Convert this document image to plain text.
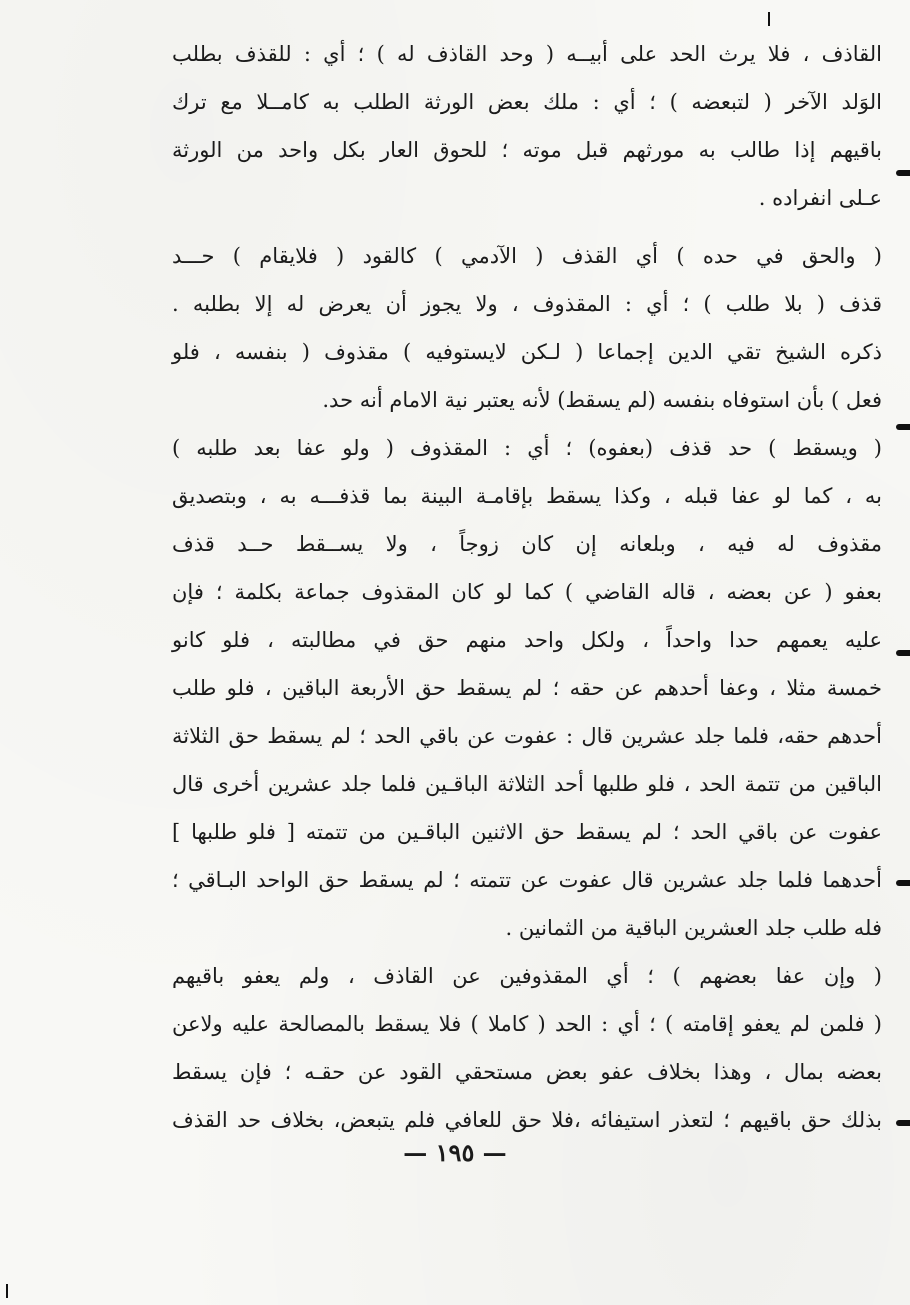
القاذف ، فلا يرث الحد على أبيــه ( وحد القاذف له ) ؛ أي : للقذف بطلب
الوَلد الآخر ( لتبعضه ) ؛ أي : ملك بعض الورثة الطلب به كامــلا مع ترك
باقيهم إذا طالب به مورثهم قبل موته ؛ للحوق العار بكل واحد من الورثة
عـلى انفراده .
( والحق في حده ) أي القذف ( الآدمي ) كالقود ( فلايقام ) حـــد
قذف ( بلا طلب ) ؛ أي : المقذوف ، ولا يجوز أن يعرض له إلا بطلبه .
ذكره الشيخ تقي الدين إجماعا ( لـكن لايستوفيه ) مقذوف ( بنفسه ، فلو
فعل ) بأن استوفاه بنفسه (لم يسقط) لأنه يعتبر نية الامام أنه حد.
( ويسقط ) حد قذف (بعفوه) ؛ أي : المقذوف ( ولو عفا بعد طلبه )
به ، كما لو عفا قبله ، وكذا يسقط بإقامـة البينة بما قذفـــه به ، وبتصديق
مقذوف له فيه ، وبلعانه إن كان زوجاً ، ولا يســقط حــد قذف
بعفو ( عن بعضه ، قاله القاضي ) كما لو كان المقذوف جماعة بكلمة ؛ فإن
عليه يعمهم حدا واحداً ، ولكل واحد منهم حق في مطالبته ، فلو كانو
خمسة مثلا ، وعفا أحدهم عن حقه ؛ لم يسقط حق الأربعة الباقين ، فلو طلب
أحدهم حقه، فلما جلد عشرين قال : عفوت عن باقي الحد ؛ لم يسقط حق الثلاثة
الباقين من تتمة الحد ، فلو طلبها أحد الثلاثة الباقـين فلما جلد عشرين أخرى قال
عفوت عن باقي الحد ؛ لم يسقط حق الاثنين الباقـين من تتمته [ فلو طلبها ]
أحدهما فلما جلد عشرين قال عفوت عن تتمته ؛ لم يسقط حق الواحد البـاقي ؛
فله طلب جلد العشرين الباقية من الثمانين .
( وإن عفا بعضهم ) ؛ أي المقذوفين عن القاذف ، ولم يعفو باقيهم
( فلمن لم يعفو إقامته ) ؛ أي : الحد ( كاملا ) فلا يسقط بالمصالحة عليه ولاعن
بعضه بمال ، وهذا بخلاف عفو بعض مستحقي القود عن حقـه ؛ فإن يسقط
بذلك حق باقيهم ؛ لتعذر استيفائه ،فلا حق للعافي فلم يتبعض، بخلاف حد القذف
— ١٩٥ —
